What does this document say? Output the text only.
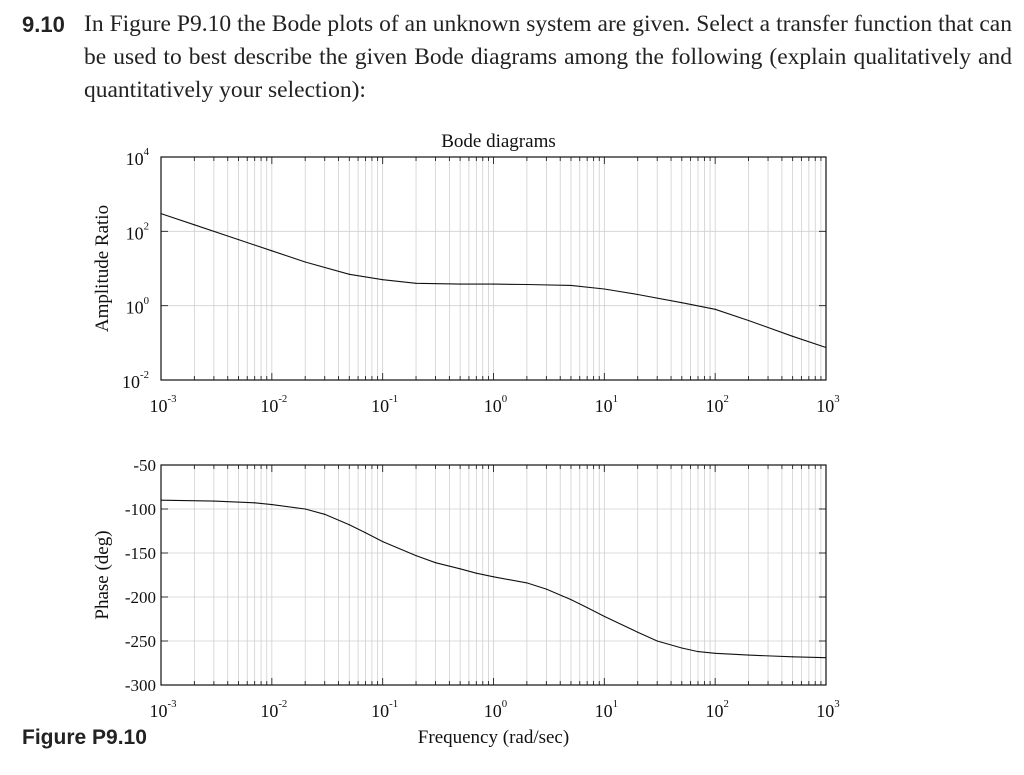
9.10 In Figure P9.10 the Bode plots of an unknown system are given. Select a transfer function that can be used to best describe the given Bode diagrams among the following (explain qualitatively and quantitatively your selection):
$10^4$
$10^2$
$10^0$
$10^{-2}$
$10^{-3}$	$10^{-2}$	$10^{-1}$	$10^0$	$10^1$	$10^2$	$10^3$
Bode diagrams
Amplitude Ratio
-50
-100
-150
-200
-250
-300
$10^{-3}$	$10^{-2}$	$10^{-1}$	$10^0$	$10^1$	$10^2$	$10^3$
Phase (deg)
Frequency (rad/sec)
Figure P9.10
